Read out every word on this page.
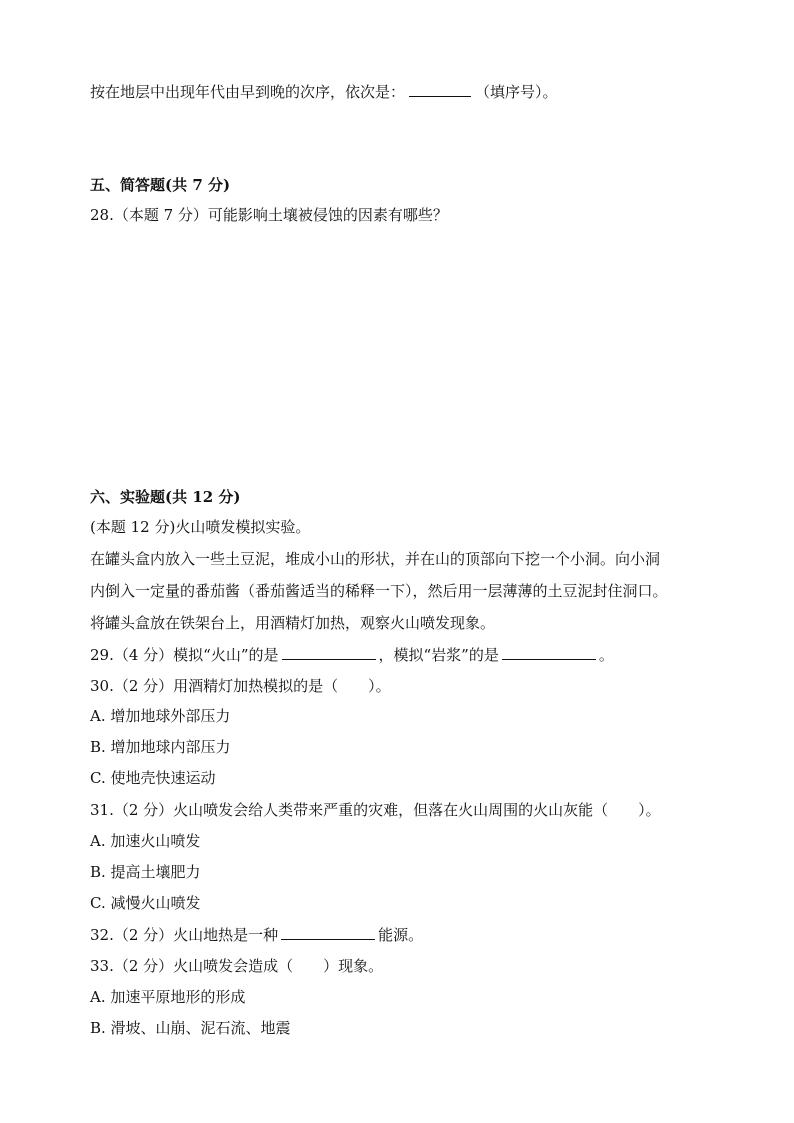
按在地层中出现年代由早到晚的次序，依次是：	（填序号）。
五、简答题(共 7 分)
28.（本题 7 分）可能影响土壤被侵蚀的因素有哪些？
六、实验题(共 12 分)
(本题 12 分)火山喷发模拟实验。
在罐头盒内放入一些土豆泥，堆成小山的形状，并在山的顶部向下挖一个小洞。向小洞
内倒入一定量的番茄酱（番茄酱适当的稀释一下），然后用一层薄薄的土豆泥封住洞口。
将罐头盒放在铁架台上，用酒精灯加热，观察火山喷发现象。
29.（4 分）模拟“火山”的是	，模拟“岩浆”的是	。
30.（2 分）用酒精灯加热模拟的是（　　）。
A. 增加地球外部压力
B. 增加地球内部压力
C. 使地壳快速运动
31.（2 分）火山喷发会给人类带来严重的灾难，但落在火山周围的火山灰能（　　）。
A. 加速火山喷发
B. 提高土壤肥力
C. 减慢火山喷发
32.（2 分）火山地热是一种	能源。
33.（2 分）火山喷发会造成（　　）现象。
A. 加速平原地形的形成
B. 滑坡、山崩、泥石流、地震
